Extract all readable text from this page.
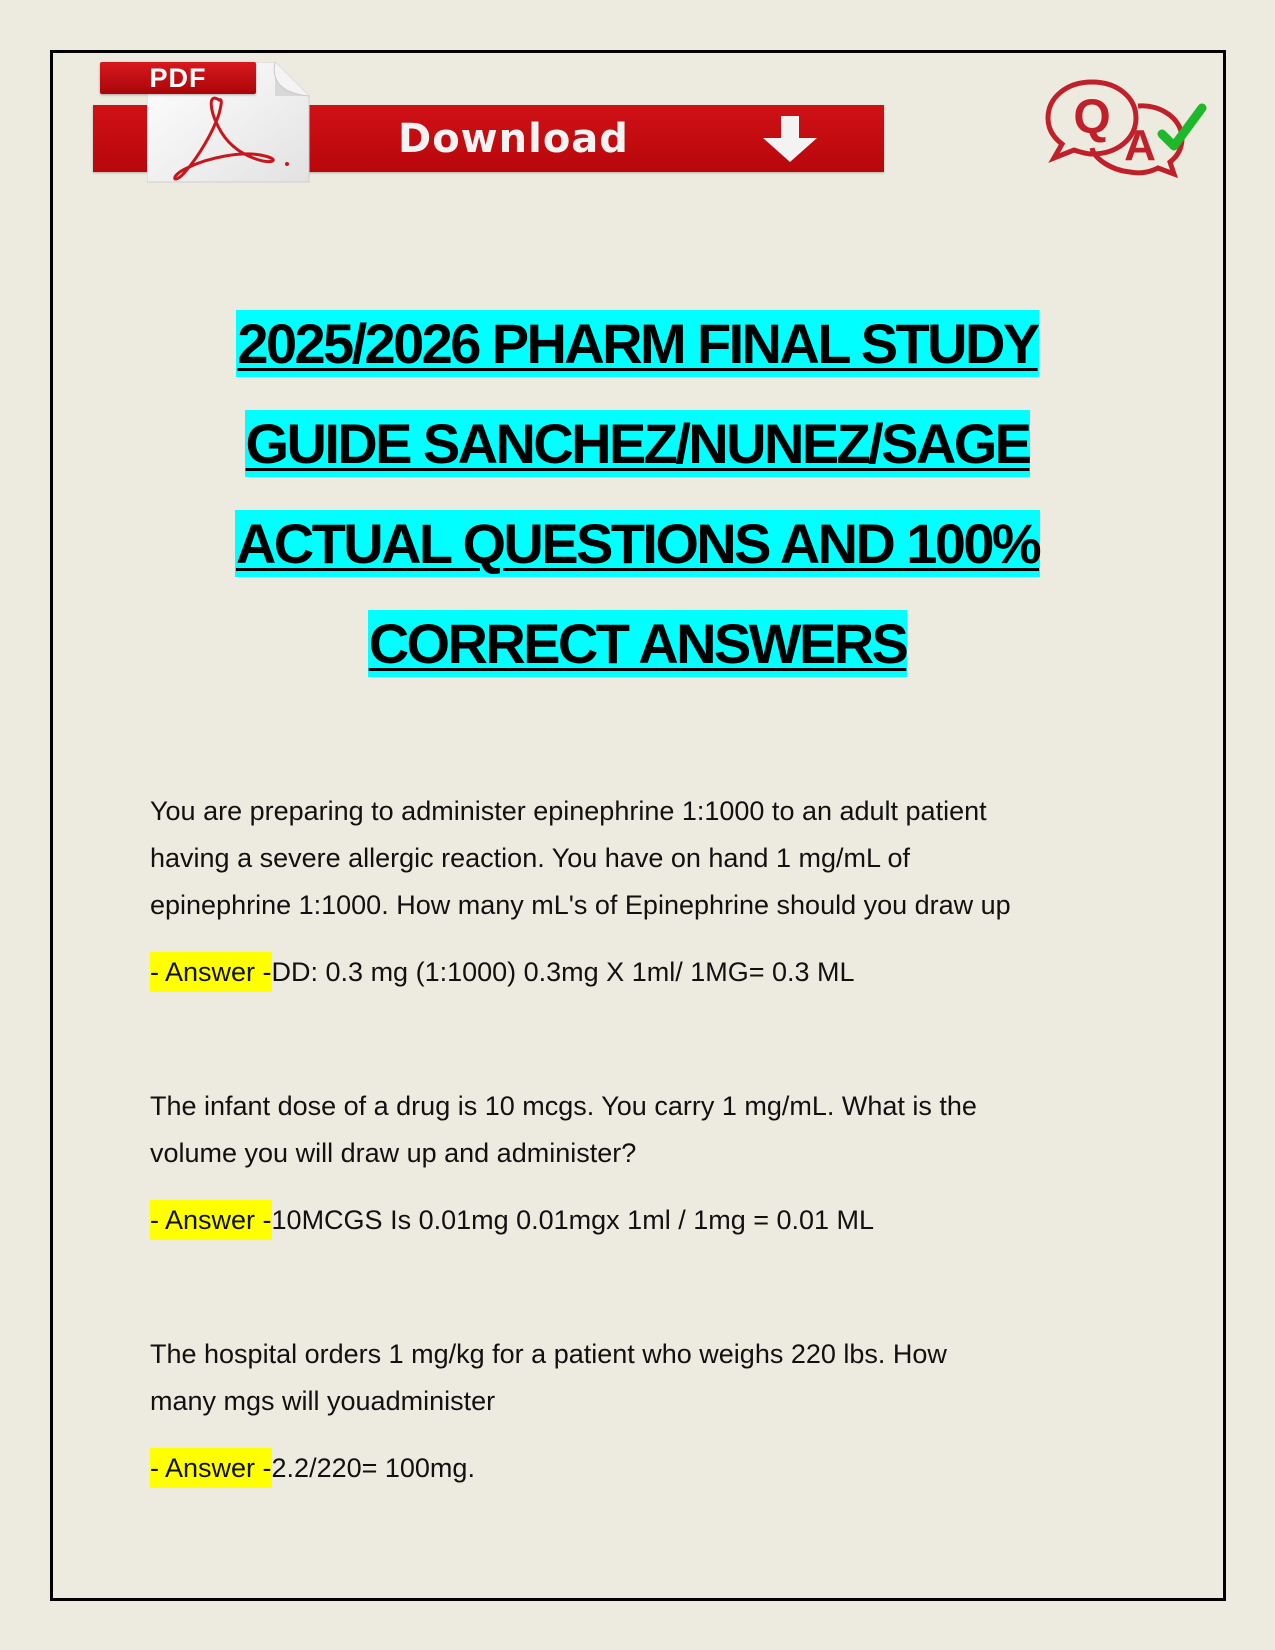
Download
PDF
Q
A
2025/2026 PHARM FINAL STUDY
GUIDE SANCHEZ/NUNEZ/SAGE
ACTUAL QUESTIONS AND 100%
CORRECT ANSWERS

You are preparing to administer epinephrine 1:1000 to an adult patient
having a severe allergic reaction. You have on hand 1 mg/mL of
epinephrine 1:1000. How many mL's of Epinephrine should you draw up

- Answer -DD: 0.3 mg (1:1000) 0.3mg X 1ml/ 1MG= 0.3 ML

The infant dose of a drug is 10 mcgs. You carry 1 mg/mL. What is the
volume you will draw up and administer?

- Answer -10MCGS Is 0.01mg 0.01mgx 1ml / 1mg = 0.01 ML

The hospital orders 1 mg/kg for a patient who weighs 220 lbs. How
many mgs will youadminister

- Answer -2.2/220= 100mg.
